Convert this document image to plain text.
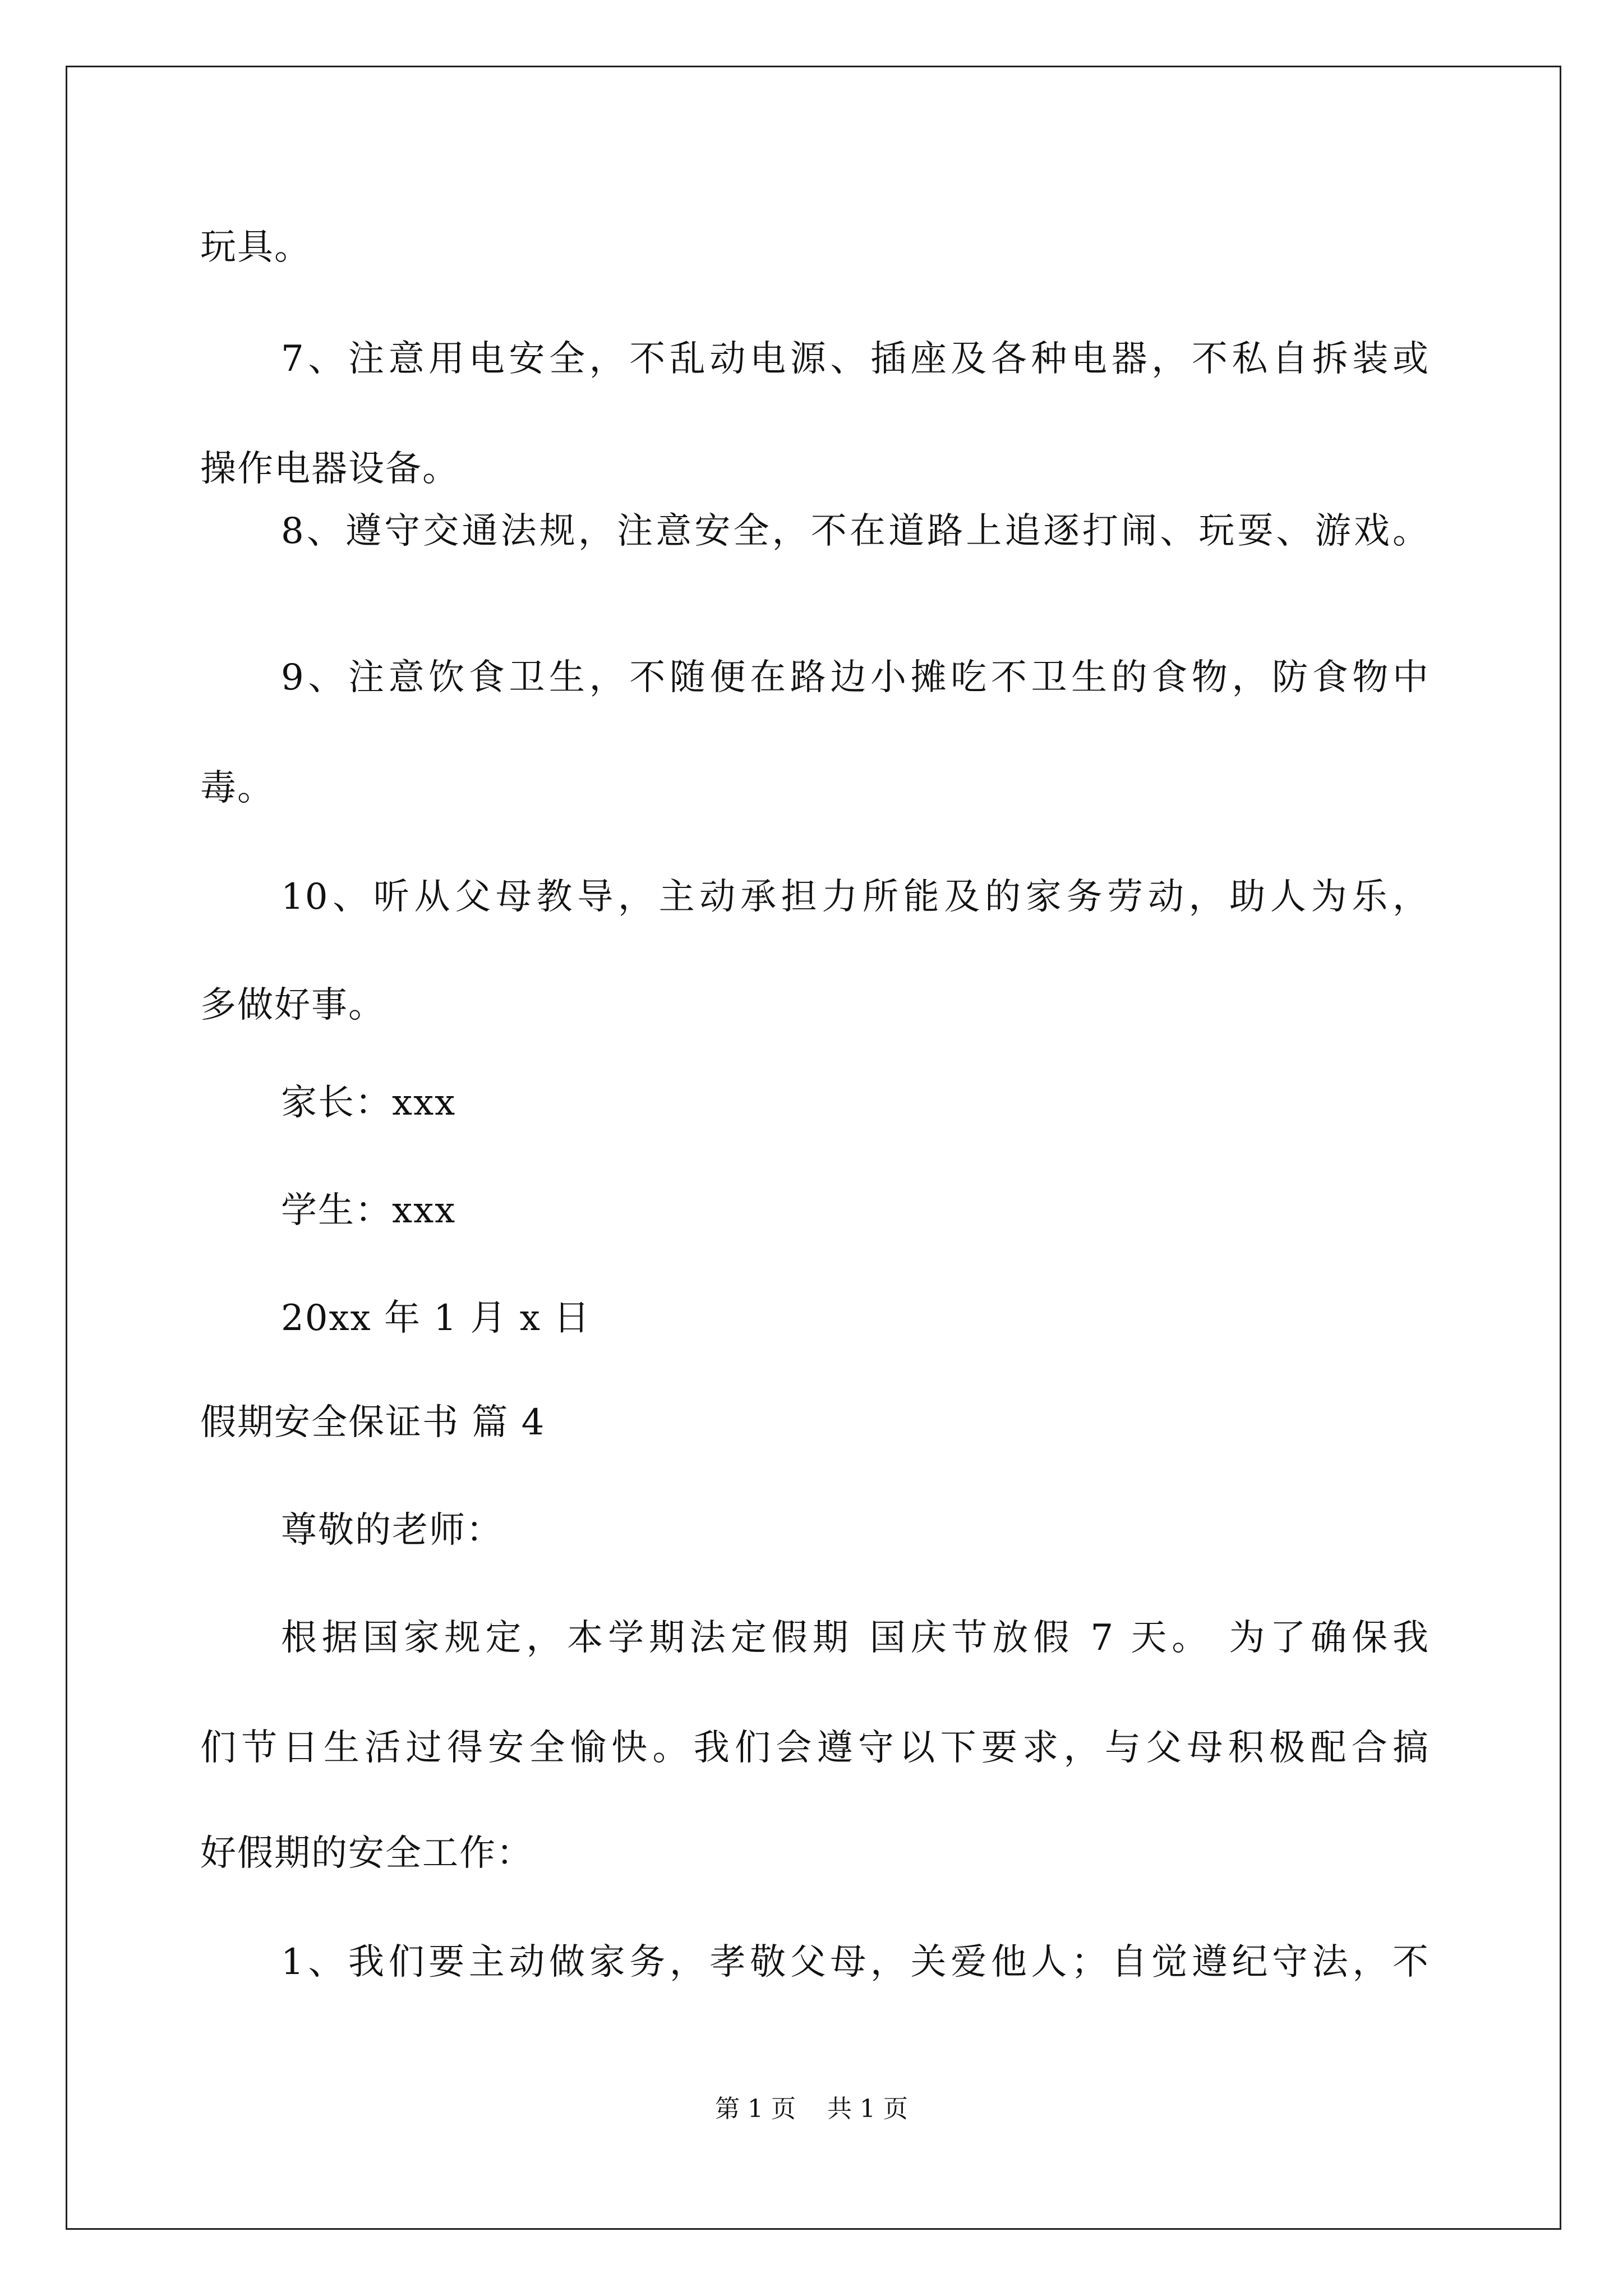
玩具。
7、注意用电安全，不乱动电源、插座及各种电器，不私自拆装或
操作电器设备。
8、遵守交通法规，注意安全，不在道路上追逐打闹、玩耍、游戏。
9、注意饮食卫生，不随便在路边小摊吃不卫生的食物，防食物中
毒。
10、听从父母教导，主动承担力所能及的家务劳动，助人为乐，
多做好事。
家长：xxx
学生：xxx
20xx 年 1 月 x 日
假期安全保证书 篇 4
尊敬的老师：
根据国家规定，本学期法定假期 国庆节放假 7 天。 为了确保我
们节日生活过得安全愉快。我们会遵守以下要求，与父母积极配合搞
好假期的安全工作：
1、我们要主动做家务，孝敬父母，关爱他人；自觉遵纪守法，不
第 1 页    共 1 页
